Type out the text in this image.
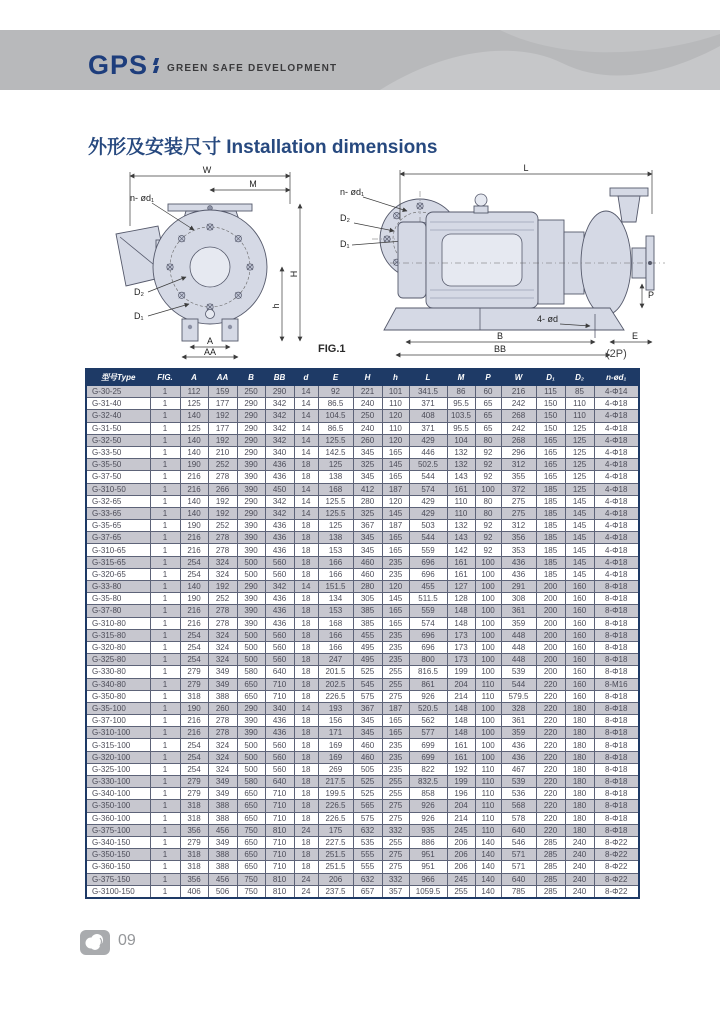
GPS GREEN SAFE DEVELOPMENT
外形及安装尺寸 Installation dimensions
W
M
H
h
A
AA
n- ød₁
D₂
D₁
n- ød₁
D₂
D₁
L
P
4- ød
B
BB
E
FIG.1	(2P)
型号Type	FIG.	A	AA	B	BB	d	E	H	h	L	M	P	W	D₁	D₂	n-ød₁
G-30-25	1	112	159	250	290	14	92	221	101	341.5	86	60	216	115	85	4-Φ14
G-31-40	1	125	177	290	342	14	86.5	240	110	371	95.5	65	242	150	110	4-Φ18
G-32-40	1	140	192	290	342	14	104.5	250	120	408	103.5	65	268	150	110	4-Φ18
G-31-50	1	125	177	290	342	14	86.5	240	110	371	95.5	65	242	150	125	4-Φ18
G-32-50	1	140	192	290	342	14	125.5	260	120	429	104	80	268	165	125	4-Φ18
G-33-50	1	140	210	290	340	14	142.5	345	165	446	132	92	296	165	125	4-Φ18
G-35-50	1	190	252	390	436	18	125	325	145	502.5	132	92	312	165	125	4-Φ18
G-37-50	1	216	278	390	436	18	138	345	165	544	143	92	355	165	125	4-Φ18
G-310-50	1	216	266	390	450	14	168	412	187	574	161	100	372	185	125	4-Φ18
G-32-65	1	140	192	290	342	14	125.5	280	120	429	110	80	275	185	145	4-Φ18
G-33-65	1	140	192	290	342	14	125.5	325	145	429	110	80	275	185	145	4-Φ18
G-35-65	1	190	252	390	436	18	125	367	187	503	132	92	312	185	145	4-Φ18
G-37-65	1	216	278	390	436	18	138	345	165	544	143	92	356	185	145	4-Φ18
G-310-65	1	216	278	390	436	18	153	345	165	559	142	92	353	185	145	4-Φ18
G-315-65	1	254	324	500	560	18	166	460	235	696	161	100	436	185	145	4-Φ18
G-320-65	1	254	324	500	560	18	166	460	235	696	161	100	436	185	145	4-Φ18
G-33-80	1	140	192	290	342	14	151.5	280	120	455	127	100	291	200	160	8-Φ18
G-35-80	1	190	252	390	436	18	134	305	145	511.5	128	100	308	200	160	8-Φ18
G-37-80	1	216	278	390	436	18	153	385	165	559	148	100	361	200	160	8-Φ18
G-310-80	1	216	278	390	436	18	168	385	165	574	148	100	359	200	160	8-Φ18
G-315-80	1	254	324	500	560	18	166	455	235	696	173	100	448	200	160	8-Φ18
G-320-80	1	254	324	500	560	18	166	495	235	696	173	100	448	200	160	8-Φ18
G-325-80	1	254	324	500	560	18	247	495	235	800	173	100	448	200	160	8-Φ18
G-330-80	1	279	349	580	640	18	201.5	525	255	816.5	199	100	539	200	160	8-Φ18
G-340-80	1	279	349	650	710	18	202.5	545	255	861	204	110	544	220	160	8-M16
G-350-80	1	318	388	650	710	18	226.5	575	275	926	214	110	579.5	220	160	8-Φ18
G-35-100	1	190	260	290	340	14	193	367	187	520.5	148	100	328	220	180	8-Φ18
G-37-100	1	216	278	390	436	18	156	345	165	562	148	100	361	220	180	8-Φ18
G-310-100	1	216	278	390	436	18	171	345	165	577	148	100	359	220	180	8-Φ18
G-315-100	1	254	324	500	560	18	169	460	235	699	161	100	436	220	180	8-Φ18
G-320-100	1	254	324	500	560	18	169	460	235	699	161	100	436	220	180	8-Φ18
G-325-100	1	254	324	500	560	18	269	505	235	822	192	110	467	220	180	8-Φ18
G-330-100	1	279	349	580	640	18	217.5	525	255	832.5	199	110	539	220	180	8-Φ18
G-340-100	1	279	349	650	710	18	199.5	525	255	858	196	110	536	220	180	8-Φ18
G-350-100	1	318	388	650	710	18	226.5	565	275	926	204	110	568	220	180	8-Φ18
G-360-100	1	318	388	650	710	18	226.5	575	275	926	214	110	578	220	180	8-Φ18
G-375-100	1	356	456	750	810	24	175	632	332	935	245	110	640	220	180	8-Φ18
G-340-150	1	279	349	650	710	18	227.5	535	255	886	206	140	546	285	240	8-Φ22
G-350-150	1	318	388	650	710	18	251.5	555	275	951	206	140	571	285	240	8-Φ22
G-360-150	1	318	388	650	710	18	251.5	555	275	951	206	140	571	285	240	8-Φ22
G-375-150	1	356	456	750	810	24	206	632	332	966	245	140	640	285	240	8-Φ22
G-3100-150	1	406	506	750	810	24	237.5	657	357	1059.5	255	140	785	285	240	8-Φ22
09
